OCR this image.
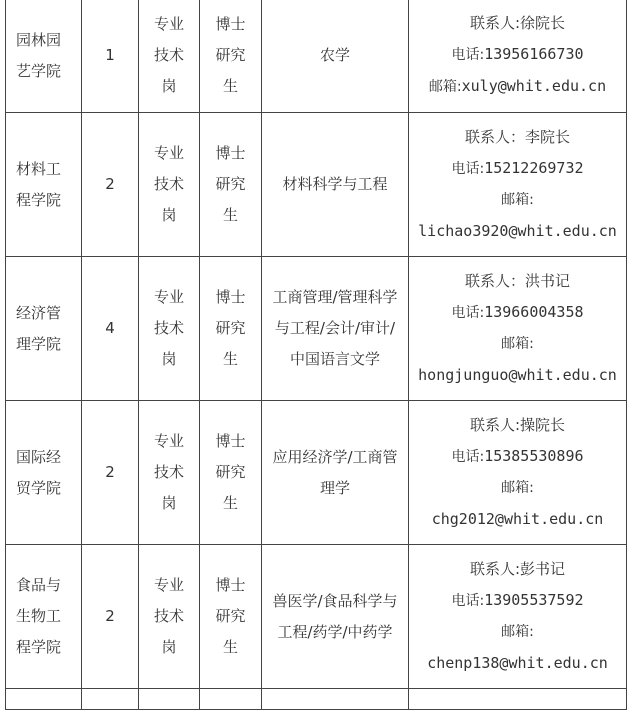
园林园艺学院	1	专业技术岗	博士研究生	农学	联系人:徐院长
电话:13956166730
邮箱:xuly@whit.edu.cn

材料工程学院	2	专业技术岗	博士研究生	材料科学与工程	联系人：李院长
电话:15212269732
邮箱:
lichao3920@whit.edu.cn

经济管理学院	4	专业技术岗	博士研究生	工商管理/管理科学与工程/会计/审计/中国语言文学	联系人：洪书记
电话:13966004358
邮箱:
hongjunguo@whit.edu.cn

国际经贸学院	2	专业技术岗	博士研究生	应用经济学/工商管理学	联系人:操院长
电话:15385530896
邮箱:
chg2012@whit.edu.cn

食品与生物工程学院	2	专业技术岗	博士研究生	兽医学/食品科学与工程/药学/中药学	联系人:彭书记
电话:13905537592
邮箱:
chenp138@whit.edu.cn
